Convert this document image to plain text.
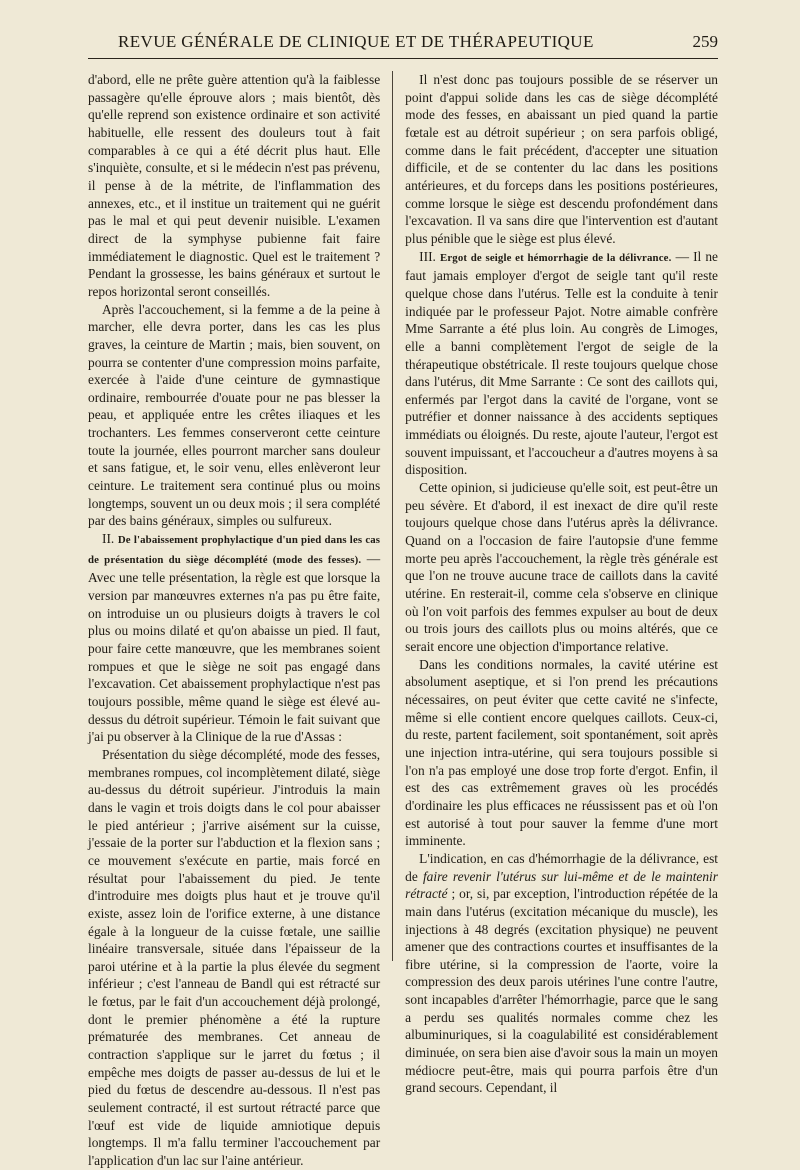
REVUE GÉNÉRALE DE CLINIQUE ET DE THÉRAPEUTIQUE	259

d'abord, elle ne prête guère attention qu'à la faiblesse passagère qu'elle éprouve alors ; mais bientôt, dès qu'elle reprend son existence ordinaire et son activité habituelle, elle ressent des douleurs tout à fait comparables à ce qui a été décrit plus haut. Elle s'inquiète, consulte, et si le médecin n'est pas prévenu, il pense à de la métrite, de l'inflammation des annexes, etc., et il institue un traitement qui ne guérit pas le mal et qui peut devenir nuisible. L'examen direct de la symphyse pubienne fait faire immédiatement le diagnostic. Quel est le traitement ? Pendant la grossesse, les bains généraux et surtout le repos horizontal seront conseillés.

Après l'accouchement, si la femme a de la peine à marcher, elle devra porter, dans les cas les plus graves, la ceinture de Martin ; mais, bien souvent, on pourra se contenter d'une compression moins parfaite, exercée à l'aide d'une ceinture de gymnastique ordinaire, rembourrée d'ouate pour ne pas blesser la peau, et appliquée entre les crêtes iliaques et les trochanters. Les femmes conserveront cette ceinture toute la journée, elles pourront marcher sans douleur et sans fatigue, et, le soir venu, elles enlèveront leur ceinture. Le traitement sera continué plus ou moins longtemps, souvent un ou deux mois ; il sera complété par des bains généraux, simples ou sulfureux.

II. De l'abaissement prophylactique d'un pied dans les cas de présentation du siège décomplété (mode des fesses). — Avec une telle présentation, la règle est que lorsque la version par manœuvres externes n'a pas pu être faite, on introduise un ou plusieurs doigts à travers le col plus ou moins dilaté et qu'on abaisse un pied. Il faut, pour faire cette manœuvre, que les membranes soient rompues et que le siège ne soit pas engagé dans l'excavation. Cet abaissement prophylactique n'est pas toujours possible, même quand le siège est élevé au-dessus du détroit supérieur. Témoin le fait suivant que j'ai pu observer à la Clinique de la rue d'Assas :

Présentation du siège décomplété, mode des fesses, membranes rompues, col incomplètement dilaté, siège au-dessus du détroit supérieur. J'introduis la main dans le vagin et trois doigts dans le col pour abaisser le pied antérieur ; j'arrive aisément sur la cuisse, j'essaie de la porter sur l'abduction et la flexion sans ; ce mouvement s'exécute en partie, mais forcé en résultat pour l'abaissement du pied. Je tente d'introduire mes doigts plus haut et je trouve qu'il existe, assez loin de l'orifice externe, à une distance égale à la longueur de la cuisse fœtale, une saillie linéaire transversale, située dans l'épaisseur de la paroi utérine et à la partie la plus élevée du segment inférieur ; c'est l'anneau de Bandl qui est rétracté sur le fœtus, par le fait d'un accouchement déjà prolongé, dont le premier phénomène a été la rupture prématurée des membranes. Cet anneau de contraction s'applique sur le jarret du fœtus ; il empêche mes doigts de passer au-dessus de lui et le pied du fœtus de descendre au-dessous. Il n'est pas seulement contracté, il est surtout rétracté parce que l'œuf est vide de liquide amniotique depuis longtemps. Il m'a fallu terminer l'accouchement par l'application d'un lac sur l'aine antérieur.

Il n'est donc pas toujours possible de se réserver un point d'appui solide dans les cas de siège décomplété mode des fesses, en abaissant un pied quand la partie fœtale est au détroit supérieur ; on sera parfois obligé, comme dans le fait précédent, d'accepter une situation difficile, et de se contenter du lac dans les positions antérieures, et du forceps dans les positions postérieures, comme lorsque le siège est descendu profondément dans l'excavation. Il va sans dire que l'intervention est d'autant plus pénible que le siège est plus élevé.

III. Ergot de seigle et hémorrhagie de la délivrance. — Il ne faut jamais employer d'ergot de seigle tant qu'il reste quelque chose dans l'utérus. Telle est la conduite à tenir indiquée par le professeur Pajot. Notre aimable confrère Mme Sarrante a été plus loin. Au congrès de Limoges, elle a banni complètement l'ergot de seigle de la thérapeutique obstétricale. Il reste toujours quelque chose dans l'utérus, dit Mme Sarrante : Ce sont des caillots qui, enfermés par l'ergot dans la cavité de l'organe, vont se putréfier et donner naissance à des accidents septiques immédiats ou éloignés. Du reste, ajoute l'auteur, l'ergot est souvent impuissant, et l'accoucheur a d'autres moyens à sa disposition.

Cette opinion, si judicieuse qu'elle soit, est peut-être un peu sévère. Et d'abord, il est inexact de dire qu'il reste toujours quelque chose dans l'utérus après la délivrance. Quand on a l'occasion de faire l'autopsie d'une femme morte peu après l'accouchement, la règle très générale est que l'on ne trouve aucune trace de caillots dans la cavité utérine. En resterait-il, comme cela s'observe en clinique où l'on voit parfois des femmes expulser au bout de deux ou trois jours des caillots plus ou moins altérés, que ce serait encore une objection d'importance relative.

Dans les conditions normales, la cavité utérine est absolument aseptique, et si l'on prend les précautions nécessaires, on peut éviter que cette cavité ne s'infecte, même si elle contient encore quelques caillots. Ceux-ci, du reste, partent facilement, soit spontanément, soit après une injection intra-utérine, qui sera toujours possible si l'on n'a pas employé une dose trop forte d'ergot. Enfin, il est des cas extrêmement graves où les procédés d'ordinaire les plus efficaces ne réussissent pas et où l'on est autorisé à tout pour sauver la femme d'une mort imminente.

L'indication, en cas d'hémorrhagie de la délivrance, est de faire revenir l'utérus sur lui-même et de le maintenir rétracté ; or, si, par exception, l'introduction répétée de la main dans l'utérus (excitation mécanique du muscle), les injections à 48 degrés (excitation physique) ne peuvent amener que des contractions courtes et insuffisantes de la fibre utérine, si la compression de l'aorte, voire la compression des deux parois utérines l'une contre l'autre, sont incapables d'arrêter l'hémorrhagie, parce que le sang a perdu ses qualités normales comme chez les albuminuriques, si la coagulabilité est considérablement diminuée, on sera bien aise d'avoir sous la main un moyen médiocre peut-être, mais qui pourra parfois être d'un grand secours. Cependant, il
